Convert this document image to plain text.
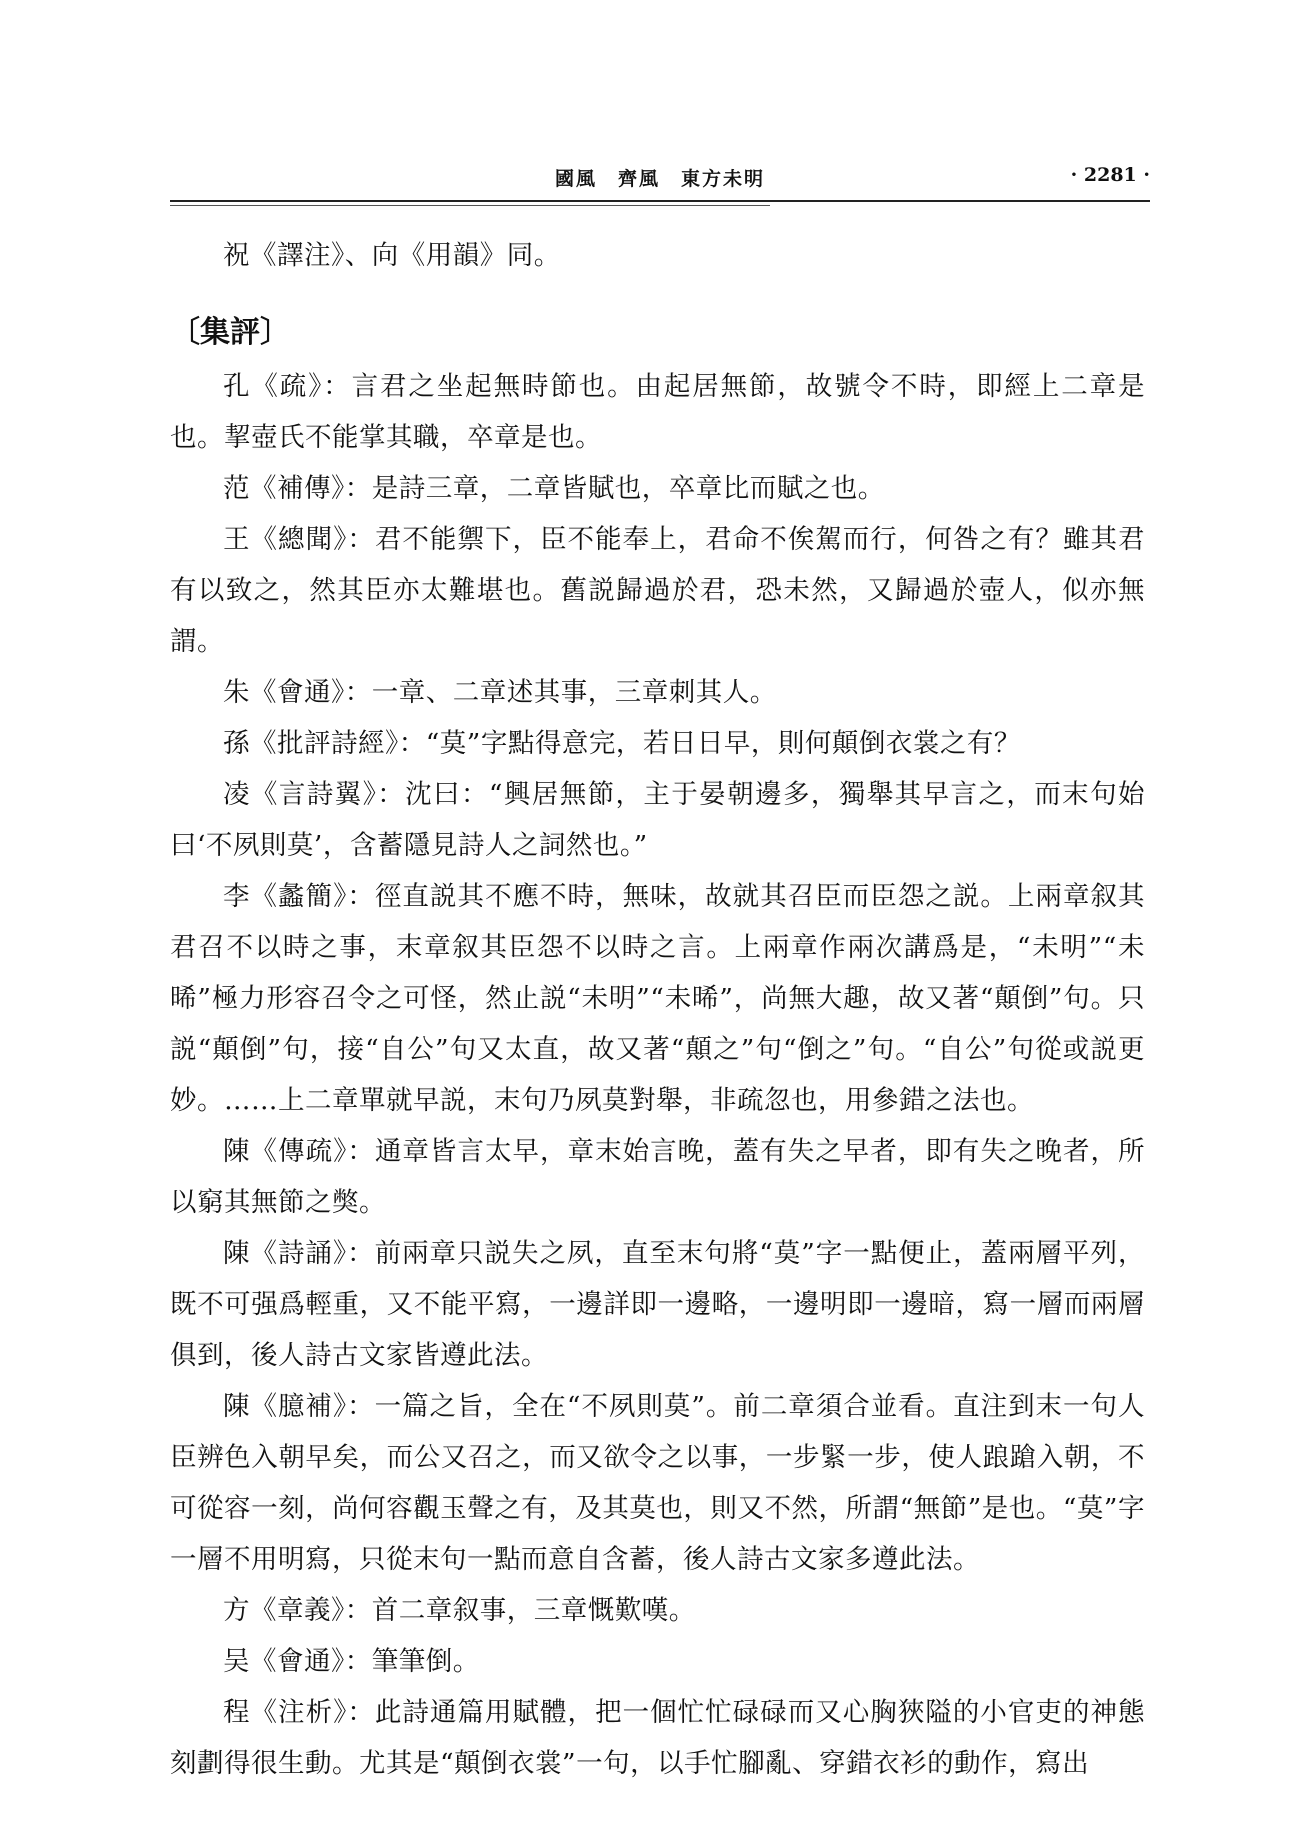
國風　齊風　東方未明	· 2281 ·

祝《譯注》、向《用韻》同。

〔集評〕

孔《疏》：言君之坐起無時節也。由起居無節，故號令不時，即經上二章是也。挈壺氏不能掌其職，卒章是也。

范《補傳》：是詩三章，二章皆賦也，卒章比而賦之也。

王《總聞》：君不能禦下，臣不能奉上，君命不俟駕而行，何咎之有？雖其君有以致之，然其臣亦太難堪也。舊説歸過於君，恐未然，又歸過於壺人，似亦無謂。

朱《會通》：一章、二章述其事，三章刺其人。

孫《批評詩經》：“莫”字點得意完，若日日早，則何顛倒衣裳之有？

凌《言詩翼》：沈曰：“興居無節，主于晏朝邊多，獨舉其早言之，而末句始曰‘不夙則莫’，含蓄隱見詩人之詞然也。”

李《蠡簡》：徑直説其不應不時，無味，故就其召臣而臣怨之説。上兩章叙其君召不以時之事，末章叙其臣怨不以時之言。上兩章作兩次講爲是，“未明”“未晞”極力形容召令之可怪，然止説“未明”“未晞”，尚無大趣，故又著“顛倒”句。只説“顛倒”句，接“自公”句又太直，故又著“顛之”句“倒之”句。“自公”句從或説更妙。……上二章單就早説，末句乃夙莫對舉，非疏忽也，用參錯之法也。

陳《傳疏》：通章皆言太早，章末始言晚，蓋有失之早者，即有失之晚者，所以窮其無節之獘。

陳《詩誦》：前兩章只説失之夙，直至末句將“莫”字一點便止，蓋兩層平列，既不可强爲輕重，又不能平寫，一邊詳即一邊略，一邊明即一邊暗，寫一層而兩層俱到，後人詩古文家皆遵此法。

陳《臆補》：一篇之旨，全在“不夙則莫”。前二章須合並看。直注到末一句人臣辨色入朝早矣，而公又召之，而又欲令之以事，一步緊一步，使人踉蹌入朝，不可從容一刻，尚何容觀玉聲之有，及其莫也，則又不然，所謂“無節”是也。“莫”字一層不用明寫，只從末句一點而意自含蓄，後人詩古文家多遵此法。

方《章義》：首二章叙事，三章慨歎嘆。

吴《會通》：筆筆倒。

程《注析》：此詩通篇用賦體，把一個忙忙碌碌而又心胸狹隘的小官吏的神態刻劃得很生動。尤其是“顛倒衣裳”一句，以手忙腳亂、穿錯衣衫的動作，寫出
